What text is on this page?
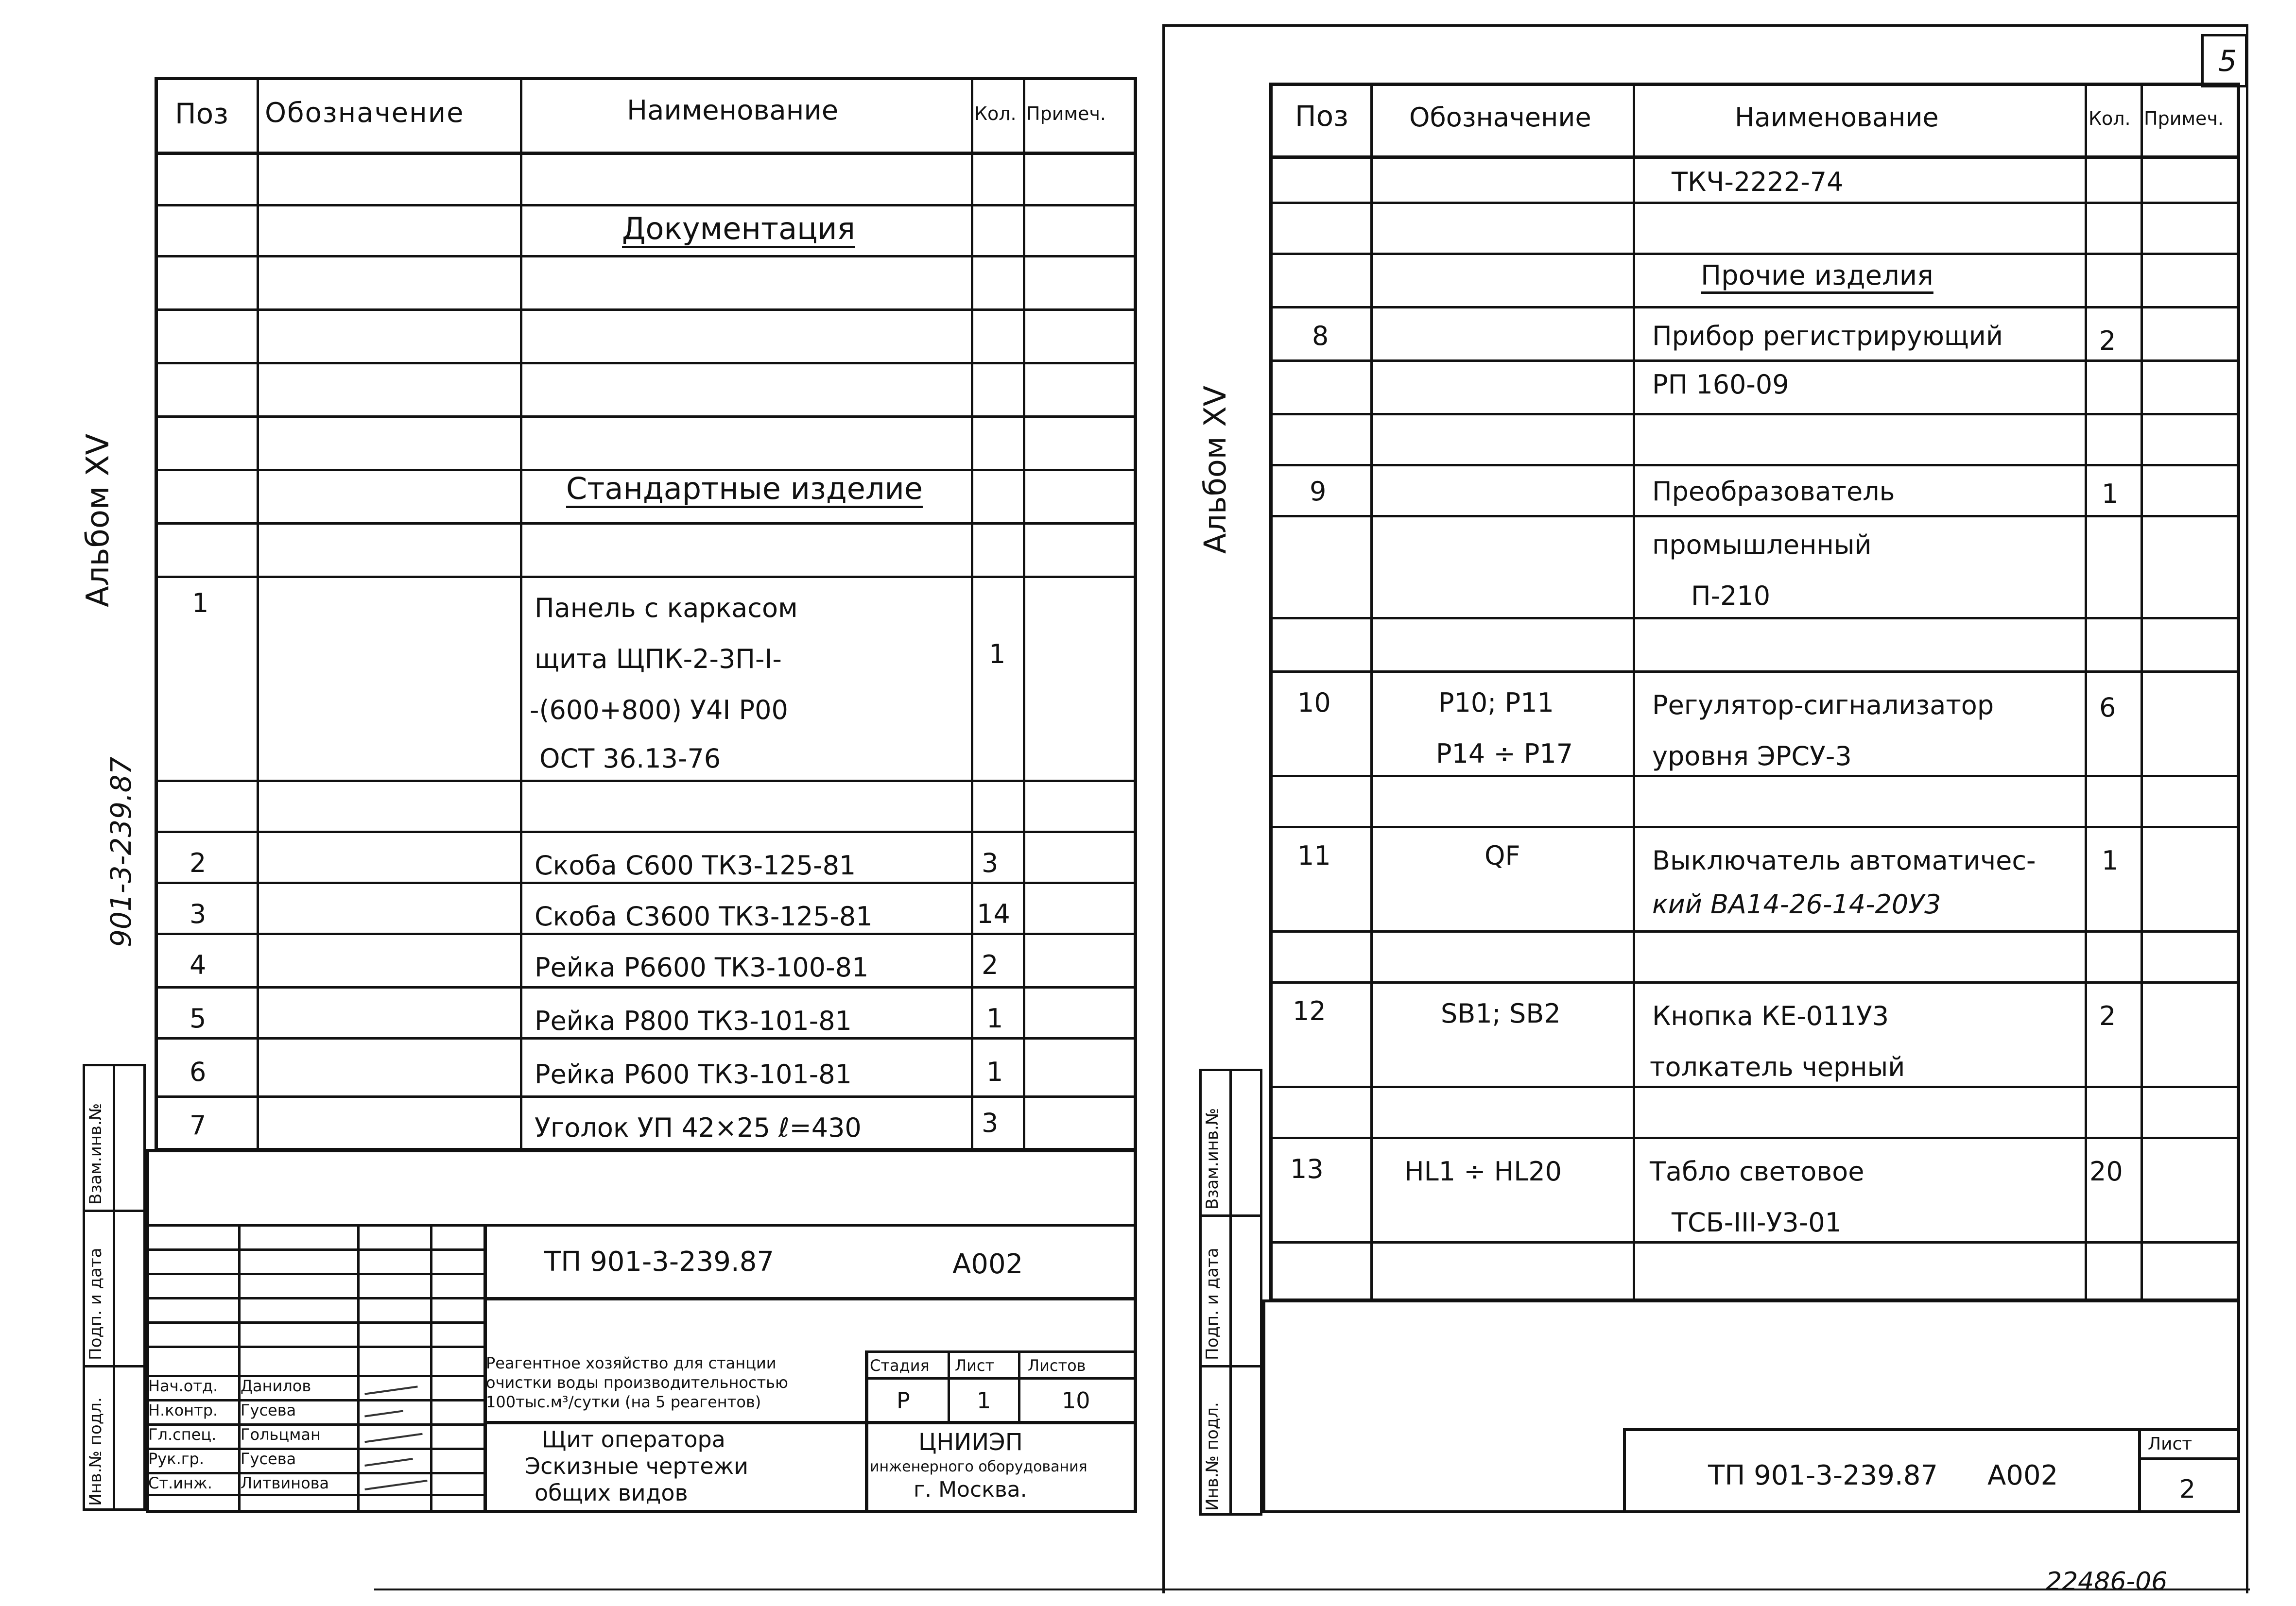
5
22486-06
Альбом XV
901-3-239.87
Поз Обозначение	Наименование	Кол. Примеч.
Документация
Стандартные изделие
1	Панель с каркасом
щита ЩПК-2-3П-I-	1
-(600+800) У4I Р00
ОСТ 36.13-76
2	Скоба С600 ТК3-125-81	3
3	Скоба С3600 ТК3-125-81	14
4	Рейка Р6600 ТК3-100-81	2
5	Рейка Р800 ТК3-101-81	1
6	Рейка Р600 ТК3-101-81	1
7	Уголок УП 42×25 ℓ=430	3
Взам.инв.№
Подп. и дата
Инв.№ подл.
ТП 901-3-239.87	А002
Реагентное хозяйство для станции
очистки воды производительностью
100тыс.м³/сутки (на 5 реагентов)
Стадия Лист Листов
Р	1	10
Щит оператора
Эскизные чертежи
общих видов
ЦНИИЭП
инженерного оборудования
г. Москва.
Нач.отд. Данилов
Н.контр. Гусева
Гл.спец. Гольцман
Рук.гр. Гусева
Ст.инж. Литвинова
Альбом XV
Поз Обозначение	Наименование	Кол. Примеч.
ТКЧ-2222-74
Прочие изделия
8	Прибор регистрирующий	2
РП 160-09
9	Преобразователь	1
промышленный
П-210
10	Р10; Р11	Регулятор-сигнализатор	6
Р14 ÷ Р17	уровня ЭРСУ-3
11	QF	Выключатель автоматичес-	1
кий ВА14-26-14-20У3
12	SB1; SB2	Кнопка КЕ-011У3	2
толкатель черный
13	HL1 ÷ HL20	Табло световое	20
ТСБ-III-У3-01
Взам.инв.№
Подп. и дата
Инв.№ подл.	ТП 901-3-239.87 А002
Лист
2
